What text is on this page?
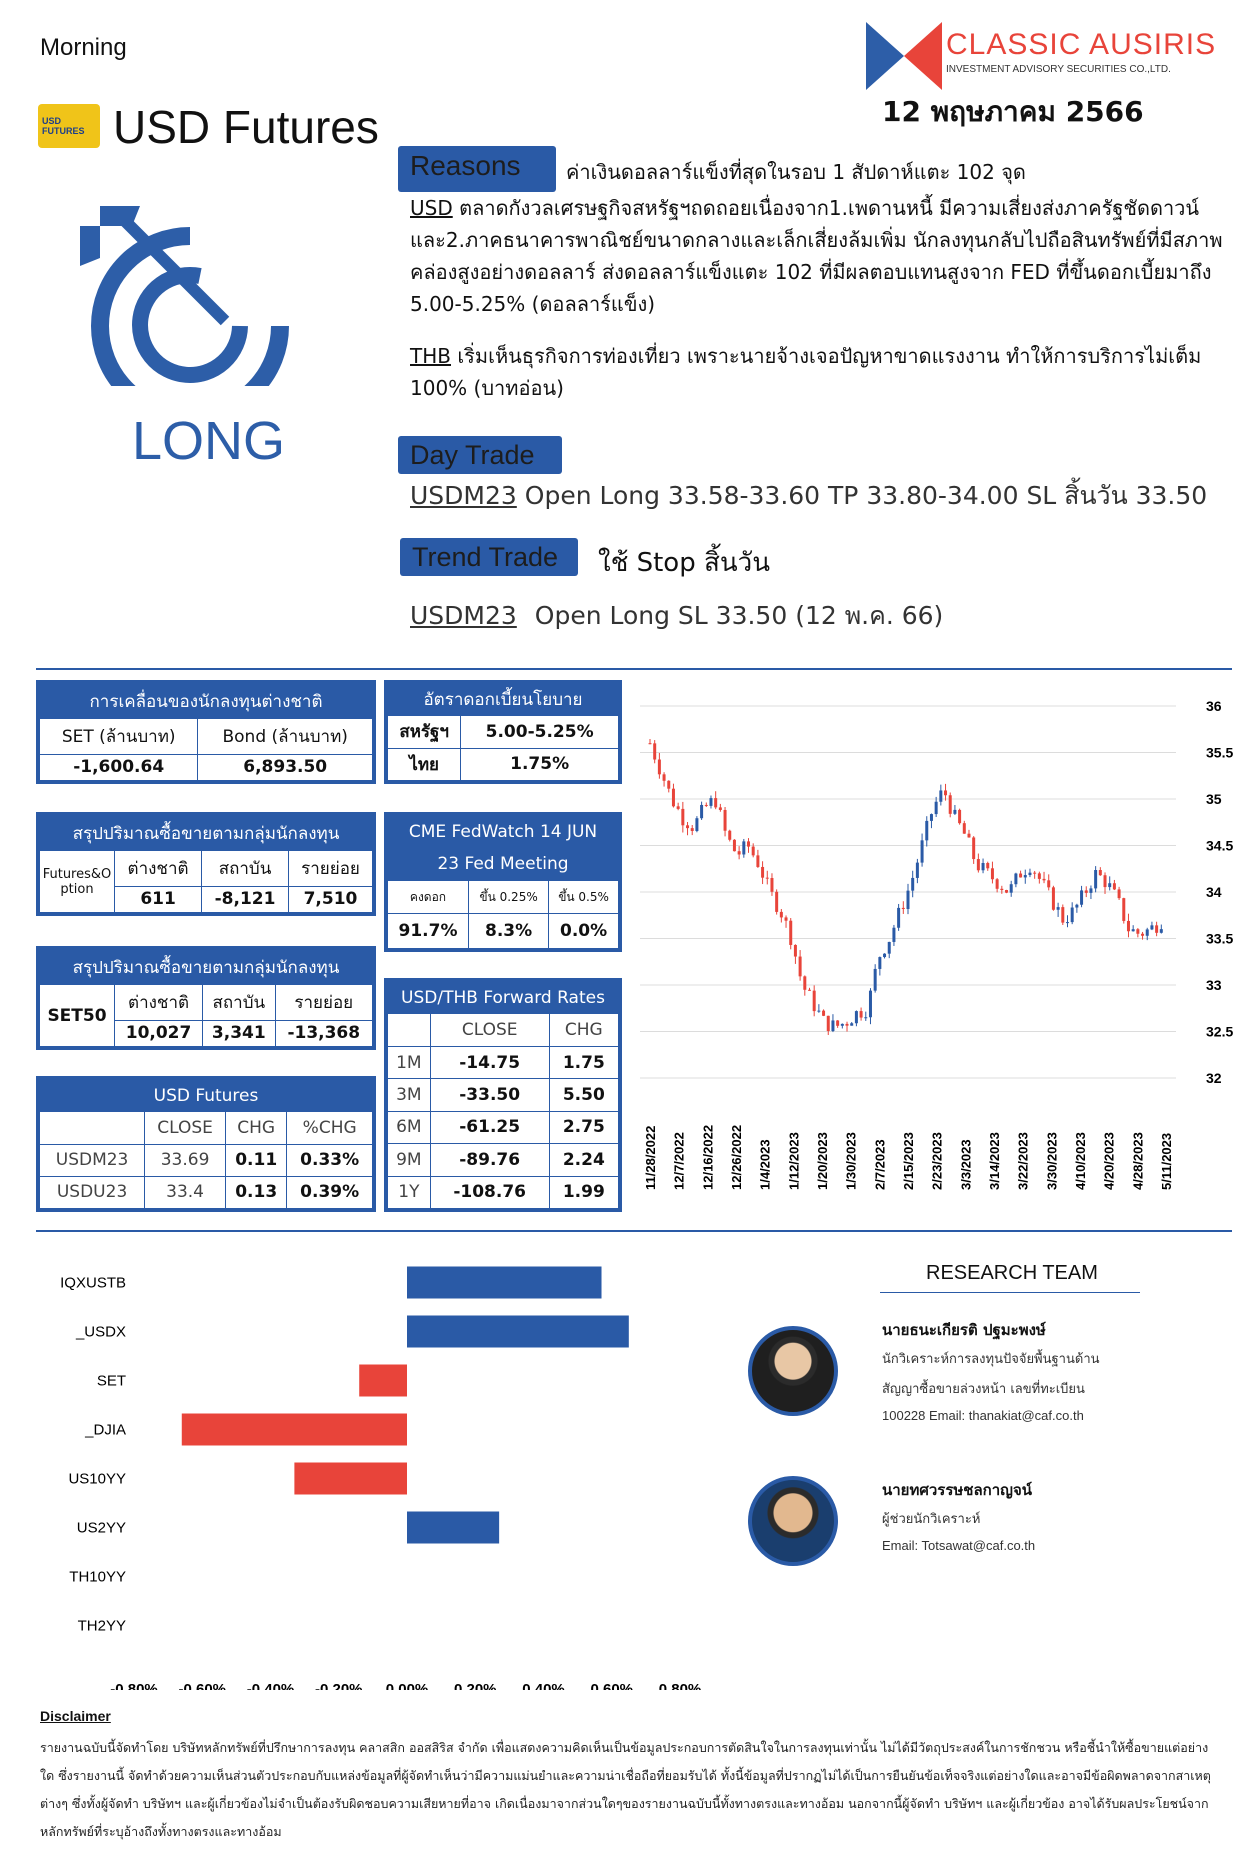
Morning
USD FUTURES USD Futures
CLASSIC AUSIRIS
INVESTMENT ADVISORY SECURITIES CO.,LTD.
12 พฤษภาคม 2566
LONG
Reasons ค่าเงินดอลลาร์แข็งที่สุดในรอบ 1 สัปดาห์แตะ 102 จุด
USD ตลาดกังวลเศรษฐกิจสหรัฐฯถดถอยเนื่องจาก1.เพดานหนี้ มีความเสี่ยงส่งภาครัฐชัดดาวน์ และ2.ภาคธนาคารพาณิชย์ขนาดกลางและเล็กเสี่ยงล้มเพิ่ม นักลงทุนกลับไปถือสินทรัพย์ที่มีสภาพคล่องสูงอย่างดอลลาร์ ส่งดอลลาร์แข็งแตะ 102 ที่มีผลตอบแทนสูงจาก FED ที่ขึ้นดอกเบี้ยมาถึง 5.00-5.25% (ดอลลาร์แข็ง)
THB เริ่มเห็นธุรกิจการท่องเที่ยว เพราะนายจ้างเจอปัญหาขาดแรงงาน ทำให้การบริการไม่เต็ม 100% (บาทอ่อน)
Day Trade
USDM23 Open Long 33.58-33.60 TP 33.80-34.00 SL สิ้นวัน 33.50
Trend Trade ใช้ Stop สิ้นวัน
USDM23 Open Long SL 33.50 (12 พ.ค. 66)
การเคลื่อนของนักลงทุนต่างชาติ	
SET (ล้านบาท)	Bond (ล้านบาท)
-1,600.64	6,893.50
อัตราดอกเบี้ยนโยบาย	
สหรัฐฯ	5.00-5.25%
ไทย	1.75%
สรุปปริมาณซื้อขายตามกลุ่มนักลงทุน			
Futures&Option	ต่างชาติ	สถาบัน	รายย่อย
	611	-8,121	7,510
CME FedWatch 14 JUN
23 Fed Meeting		

คงดอก	ขึ้น 0.25%	ขึ้น 0.5%
91.7%	8.3%	0.0%
สรุปปริมาณซื้อขายตามกลุ่มนักลงทุน			
SET50	ต่างชาติ	สถาบัน	รายย่อย
	10,027	3,341	-13,368
USD/THB Forward Rates		
	CLOSE	CHG
1M	-14.75	1.75
3M	-33.50	5.50
6M	-61.25	2.75
9M	-89.76	2.24
1Y	-108.76	1.99
USD Futures			
	CLOSE	CHG	%CHG
USDM23	33.69	0.11	0.33%
USDU23	33.4	0.13	0.39%
32
32.5
33
33.5
34
34.5
35
35.5
36
11/28/2022 12/7/2022 12/16/2022 12/26/2022 1/4/2023 1/12/2023 1/20/2023 1/30/2023 2/7/2023 2/15/2023 2/23/2023 3/3/2023 3/14/2023 3/22/2023 3/30/2023 4/10/2023 4/20/2023 4/28/2023 5/11/2023
IQXUSTB
_USDX
SET
_DJIA
US10YY
US2YY
TH10YY
TH2YY
-0.80% -0.60% -0.40% -0.20% 0.00% 0.20% 0.40% 0.60% 0.80%
RESEARCH TEAM
นายธนะเกียรติ ปฐมะพงษ์
นักวิเคราะห์การลงทุนปัจจัยพื้นฐานด้าน
สัญญาซื้อขายล่วงหน้า เลขที่ทะเบียน
100228 Email: thanakiat@caf.co.th
นายทศวรรษชลกาญจน์
ผู้ช่วยนักวิเคราะห์
Email: Totsawat@caf.co.th
Disclaimer
รายงานฉบับนี้จัดทำโดย บริษัทหลักทรัพย์ที่ปรึกษาการลงทุน คลาสสิก ออสสิริส จำกัด เพื่อแสดงความคิดเห็นเป็นข้อมูลประกอบการตัดสินใจในการลงทุนเท่านั้น ไม่ได้มีวัตถุประสงค์ในการชักชวน หรือชี้นำให้ซื้อขายแต่อย่างใด ซึ่งรายงานนี้ จัดทำด้วยความเห็นส่วนตัวประกอบกับแหล่งข้อมูลที่ผู้จัดทำเห็นว่ามีความแม่นยำและความน่าเชื่อถือที่ยอมรับได้ ทั้งนี้ข้อมูลที่ปรากฏไม่ได้เป็นการยืนยันข้อเท็จจริงแต่อย่างใดและอาจมีข้อผิดพลาดจากสาเหตุต่างๆ ซึ่งทั้งผู้จัดทำ บริษัทฯ และผู้เกี่ยวข้องไม่จำเป็นต้องรับผิดชอบความเสียหายที่อาจ เกิดเนื่องมาจากส่วนใดๆของรายงานฉบับนี้ทั้งทางตรงและทางอ้อม นอกจากนี้ผู้จัดทำ บริษัทฯ และผู้เกี่ยวข้อง อาจได้รับผลประโยชน์จากหลักทรัพย์ที่ระบุอ้างถึงทั้งทางตรงและทางอ้อม
